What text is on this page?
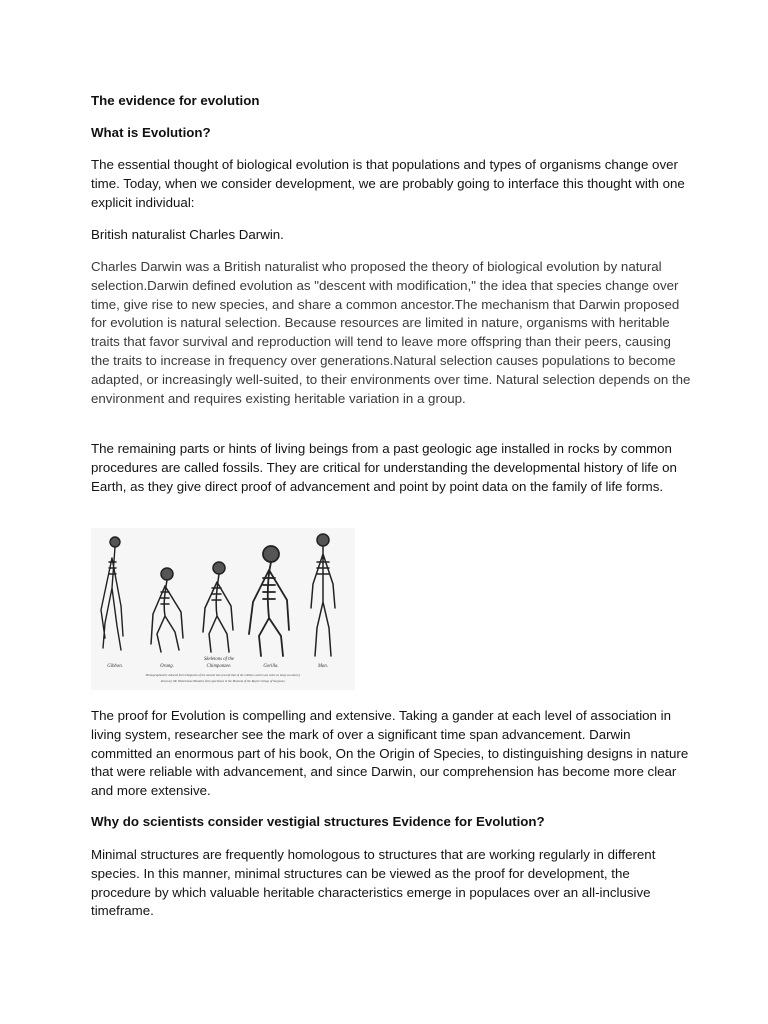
The evidence for evolution

What is Evolution?

The essential thought of biological evolution is that populations and types of organisms change over time. Today, when we consider development, we are probably going to interface this thought with one explicit individual:

British naturalist Charles Darwin.

Charles Darwin was a British naturalist who proposed the theory of biological evolution by natural selection.Darwin defined evolution as "descent with modification," the idea that species change over time, give rise to new species, and share a common ancestor.The mechanism that Darwin proposed for evolution is natural selection. Because resources are limited in nature, organisms with heritable traits that favor survival and reproduction will tend to leave more offspring than their peers, causing the traits to increase in frequency over generations.Natural selection causes populations to become adapted, or increasingly well-suited, to their environments over time. Natural selection depends on the environment and requires existing heritable variation in a group.

The remaining parts or hints of living beings from a past geologic age installed in rocks by common procedures are called fossils. They are critical for understanding the developmental history of life on Earth, as they give direct proof of advancement and point by point data on the family of life forms.

Skeletons of the
Gibbon.	Orang.	Chimpanzee.	Gorilla.	Man.
Photographically reduced from Diagrams of the natural size (except that of the Gibbon, which was twice as large as nature),
drawn by Mr. Waterhouse Hawkins from specimens in the Museum of the Royal College of Surgeons.

The proof for Evolution is compelling and extensive. Taking a gander at each level of association in living system, researcher see the mark of over a significant time span advancement. Darwin committed an enormous part of his book, On the Origin of Species, to distinguishing designs in nature that were reliable with advancement, and since Darwin, our comprehension has become more clear and more extensive.

Why do scientists consider vestigial structures Evidence for Evolution?

Minimal structures are frequently homologous to structures that are working regularly in different species. In this manner, minimal structures can be viewed as the proof for development, the procedure by which valuable heritable characteristics emerge in populaces over an all-inclusive timeframe.
